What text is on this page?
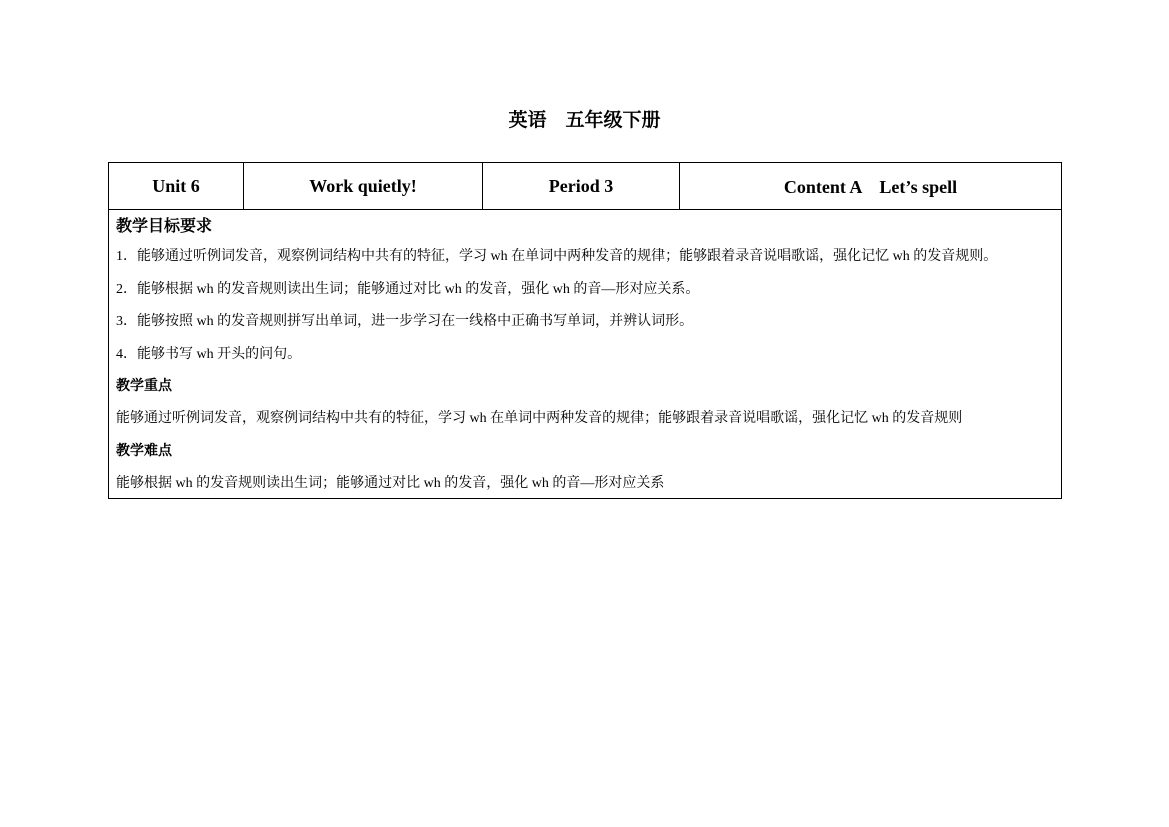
英语　五年级下册
Unit 6	Work quietly!	Period 3	Content A　Let’s spell

教学目标要求
1．能够通过听例词发音，观察例词结构中共有的特征，学习 wh 在单词中两种发音的规律；能够跟着录音说唱歌谣，强化记忆 wh 的发音规则。
2．能够根据 wh 的发音规则读出生词；能够通过对比 wh 的发音，强化 wh 的音—形对应关系。
3．能够按照 wh 的发音规则拼写出单词，进一步学习在一线格中正确书写单词，并辨认词形。
4．能够书写 wh 开头的问句。
教学重点
能够通过听例词发音，观察例词结构中共有的特征，学习 wh 在单词中两种发音的规律；能够跟着录音说唱歌谣，强化记忆 wh 的发音规则
教学难点
能够根据 wh 的发音规则读出生词；能够通过对比 wh 的发音，强化 wh 的音—形对应关系
